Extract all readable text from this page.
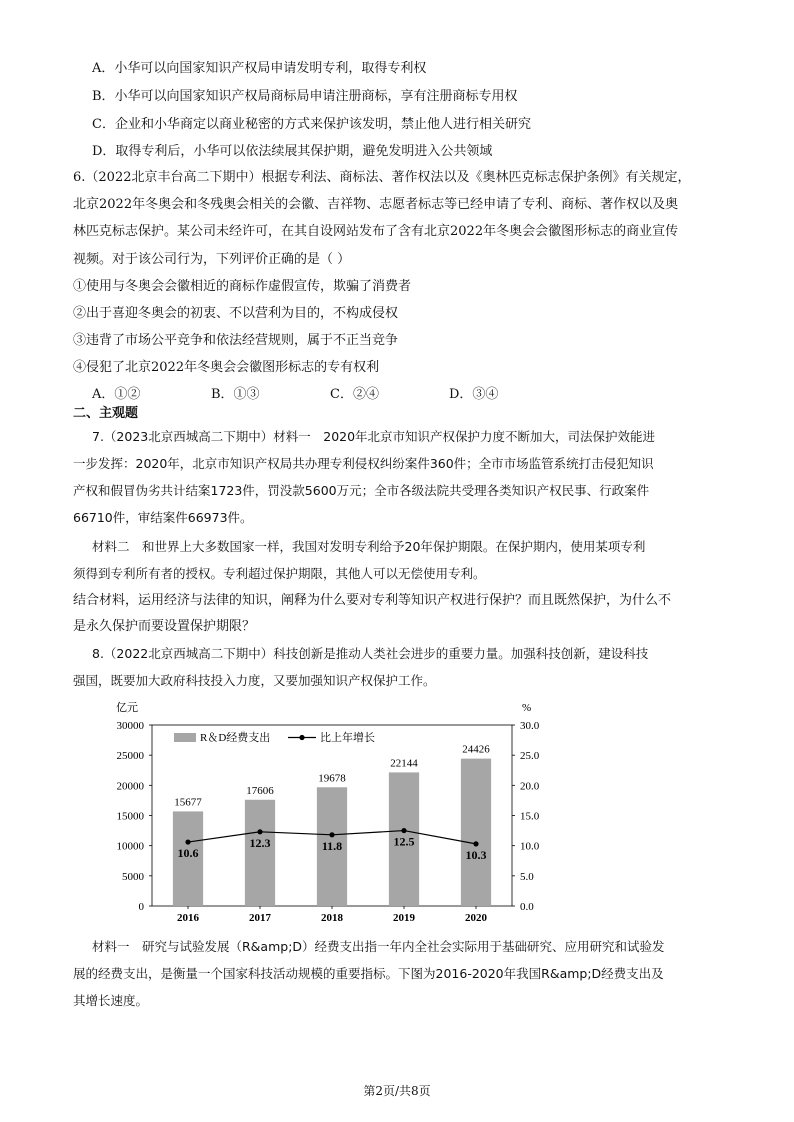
A．小华可以向国家知识产权局申请发明专利，取得专利权
B．小华可以向国家知识产权局商标局申请注册商标，享有注册商标专用权
C．企业和小华商定以商业秘密的方式来保护该发明，禁止他人进行相关研究
D．取得专利后，小华可以依法续展其保护期，避免发明进入公共领域
6.（2022北京丰台高二下期中）根据专利法、商标法、著作权法以及《奥林匹克标志保护条例》有关规定，
北京2022年冬奥会和冬残奥会相关的会徽、吉祥物、志愿者标志等已经申请了专利、商标、著作权以及奥
林匹克标志保护。某公司未经许可，在其自设网站发布了含有北京2022年冬奥会会徽图形标志的商业宣传
视频。对于该公司行为，下列评价正确的是（ ）
①使用与冬奥会会徽相近的商标作虚假宣传，欺骗了消费者
②出于喜迎冬奥会的初衷、不以营利为目的，不构成侵权
③违背了市场公平竞争和依法经营规则，属于不正当竞争
④侵犯了北京2022年冬奥会会徽图形标志的专有权利
A．①②	B．①③	C．②④	D．③④
二、主观题
7.（2023北京西城高二下期中）材料一　2020年北京市知识产权保护力度不断加大，司法保护效能进
一步发挥：2020年，北京市知识产权局共办理专利侵权纠纷案件360件；全市市场监管系统打击侵犯知识
产权和假冒伪劣共计结案1723件，罚没款5600万元；全市各级法院共受理各类知识产权民事、行政案件
66710件，审结案件66973件。
材料二　和世界上大多数国家一样，我国对发明专利给予20年保护期限。在保护期内，使用某项专利
须得到专利所有者的授权。专利超过保护期限，其他人可以无偿使用专利。
结合材料，运用经济与法律的知识，阐释为什么要对专利等知识产权进行保护？而且既然保护，为什么不
是永久保护而要设置保护期限？
8.（2022北京西城高二下期中）科技创新是推动人类社会进步的重要力量。加强科技创新，建设科技
强国，既要加大政府科技投入力度，又要加强知识产权保护工作。
亿元	%
0
5000
10000
15000
20000
25000
30000
0.0
5.0
10.0
15.0
20.0
25.0
30.0
15677
2016
17606
2017
19678
2018
22144
2019
24426
2020
10.6
12.3	11.8	12.5
10.3
R＆D经费支出	比上年增长
材料一　研究与试验发展（R&amp;D）经费支出指一年内全社会实际用于基础研究、应用研究和试验发
展的经费支出，是衡量一个国家科技活动规模的重要指标。下图为2016-2020年我国R&amp;D经费支出及
其增长速度。
第2页/共8页
